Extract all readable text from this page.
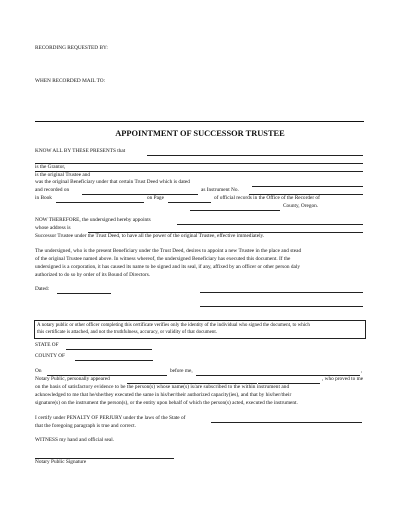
RECORDING REQUESTED BY:
WHEN RECORDED MAIL TO:
APPOINTMENT OF SUCCESSOR TRUSTEE
KNOW ALL BY THESE PRESENTS that
is the Grantor,
is the original Trustee and
was the original Beneficiary under that certain Trust Deed which is dated
and recorded on	as Instrument No.
in Book	on Page	of official records in the Office of the Recorder of
County, Oregon.
NOW THEREFORE, the undersigned hereby appoints
whose address is
Successor Trustee under the Trust Deed, to have all the power of the original Trustee, effective immediately.
The undersigned, who is the present Beneficiary under the Trust Deed, desires to appoint a new Trustee in the place and stead
of the original Trustee named above. In witness whereof, the undersigned Beneficiary has executed this document. If the
undersigned is a corporation, it has caused its name to be signed and its seal, if any, affixed by an officer or other person daly
authorized to do so by order of its Bound of Directors.
Dated:
A notary public or other officer completing this certificate verifies only the identity of the individual who signed the document, to which
this certificate is attached, and not the truthfulness, accuracy, or validity of that document.
STATE OF
COUNTY OF
On	before me,	,
Notary Public, personally appeared	, who proved to me
on the basis of satisfactory evidence to be the person(s) whose name(s) is/are subscribed to the within instrument and
acknowledged to me that he/she/they executed the same in his/her/their authorized capacity(ies), and that by his/her/their
signature(s) on the instrument the person(s), or the entity upon behalf of which the person(s) acted, executed the instrument.
I certify under PENALTY OF PERJURY under the laws of the State of
that the foregoing paragraph is true and correct.
WITNESS my hand and official seal.
Notary Public Signature
